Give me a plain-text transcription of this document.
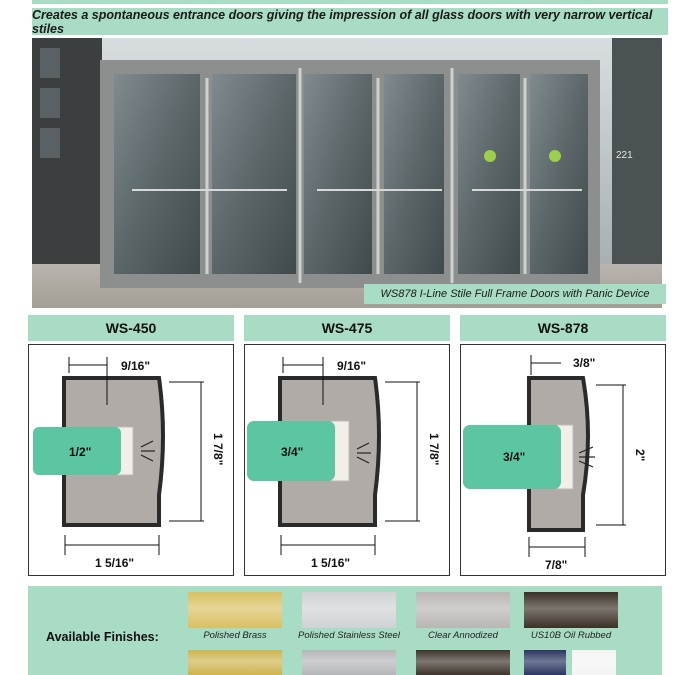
Creates a spontaneous entrance doors giving the impression of all glass doors with very narrow vertical stiles
221
WS878 I-Line Stile Full Frame Doors with Panic Device
WS-450
9/16"
1/2"	1 7/8"
1 5/16"
WS-475
9/16"
3/4"	1 7/8"
1 5/16"
WS-878
3/8"
3/4"	2"
7/8"
Available Finishes:	Polished Brass	Polished Stainless Steel	Clear Annodized	US10B Oil Rubbed
